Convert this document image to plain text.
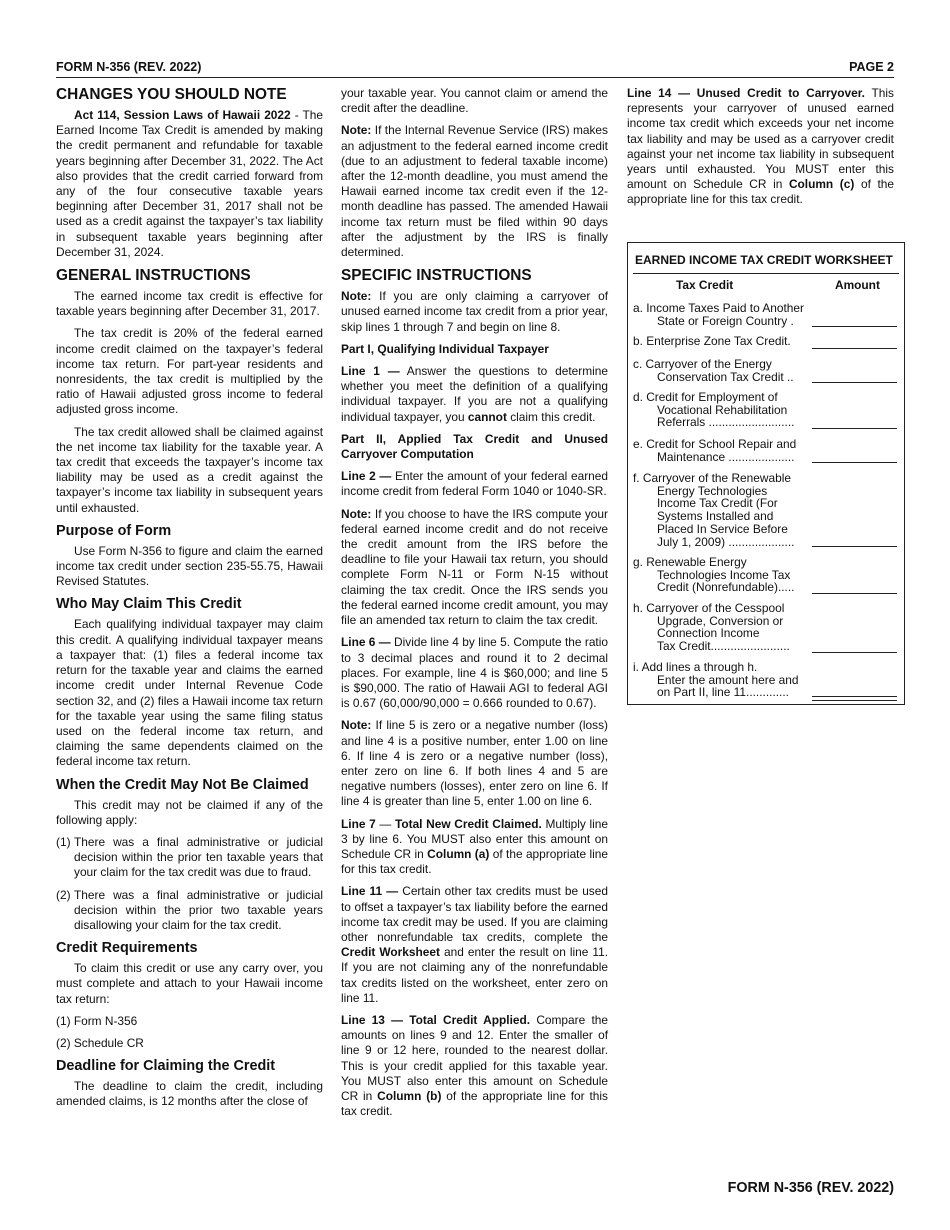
FORM N-356 (REV. 2022)	PAGE 2
CHANGES YOU SHOULD NOTE

Act 114, Session Laws of Hawaii 2022 - The Earned Income Tax Credit is amended by making the credit permanent and refundable for taxable years beginning after December 31, 2022. The Act also provides that the credit carried forward from any of the four consecutive taxable years beginning after December 31, 2017 shall not be used as a credit against the taxpayer’s tax liability in subsequent taxable years beginning after December 31, 2024.

GENERAL INSTRUCTIONS

The earned income tax credit is effective for taxable years beginning after December 31, 2017.

The tax credit is 20% of the federal earned income credit claimed on the taxpayer’s federal income tax return. For part-year residents and nonresidents, the tax credit is multiplied by the ratio of Hawaii adjusted gross income to federal adjusted gross income.

The tax credit allowed shall be claimed against the net income tax liability for the taxable year. A tax credit that exceeds the taxpayer’s income tax liability may be used as a credit against the taxpayer’s income tax liability in subsequent years until exhausted.

Purpose of Form

Use Form N-356 to figure and claim the earned income tax credit under section 235-55.75, Hawaii Revised Statutes.

Who May Claim This Credit

Each qualifying individual taxpayer may claim this credit. A qualifying individual taxpayer means a taxpayer that: (1) files a federal income tax return for the taxable year and claims the earned income credit under Internal Revenue Code section 32, and (2) files a Hawaii income tax return for the taxable year using the same filing status used on the federal income tax return, and claiming the same dependents claimed on the federal income tax return.

When the Credit May Not Be Claimed

This credit may not be claimed if any of the following apply:

(1) There was a final administrative or judicial decision within the prior ten taxable years that your claim for the tax credit was due to fraud.
(2) There was a final administrative or judicial decision within the prior two taxable years disallowing your claim for the tax credit.
Credit Requirements

To claim this credit or use any carry over, you must complete and attach to your Hawaii income tax return:

(1) Form N-356
(2) Schedule CR
Deadline for Claiming the Credit

The deadline to claim the credit, including amended claims, is 12 months after the close of

your taxable year. You cannot claim or amend the credit after the deadline.

Note: If the Internal Revenue Service (IRS) makes an adjustment to the federal earned income credit (due to an adjustment to federal taxable income) after the 12-month deadline, you must amend the Hawaii earned income tax credit even if the 12-month deadline has passed. The amended Hawaii income tax return must be filed within 90 days after the adjustment by the IRS is finally determined.

SPECIFIC INSTRUCTIONS

Note: If you are only claiming a carryover of unused earned income tax credit from a prior year, skip lines 1 through 7 and begin on line 8.

Part I, Qualifying Individual Taxpayer

Line 1 — Answer the questions to determine whether you meet the definition of a qualifying individual taxpayer. If you are not a qualifying individual taxpayer, you cannot claim this credit.

Part II, Applied Tax Credit and Unused Carryover Computation

Line 2 — Enter the amount of your federal earned income credit from federal Form 1040 or 1040-SR.

Note: If you choose to have the IRS compute your federal earned income credit and do not receive the credit amount from the IRS before the deadline to file your Hawaii tax return, you should complete Form N-11 or Form N-15 without claiming the tax credit. Once the IRS sends you the federal earned income credit amount, you may file an amended tax return to claim the tax credit.

Line 6 — Divide line 4 by line 5. Compute the ratio to 3 decimal places and round it to 2 decimal places. For example, line 4 is $60,000; and line 5 is $90,000. The ratio of Hawaii AGI to federal AGI is 0.67 (60,000/90,000 = 0.666 rounded to 0.67).

Note: If line 5 is zero or a negative number (loss) and line 4 is a positive number, enter 1.00 on line 6. If line 4 is zero or a negative number (loss), enter zero on line 6. If both lines 4 and 5 are negative numbers (losses), enter zero on line 6. If line 4 is greater than line 5, enter 1.00 on line 6.

Line 7 — Total New Credit Claimed. Multiply line 3 by line 6. You MUST also enter this amount on Schedule CR in Column (a) of the appropriate line for this tax credit.

Line 11 — Certain other tax credits must be used to offset a taxpayer’s tax liability before the earned income tax credit may be used. If you are claiming other nonrefundable tax credits, complete the Credit Worksheet and enter the result on line 11. If you are not claiming any of the nonrefundable tax credits listed on the worksheet, enter zero on line 11.

Line 13 — Total Credit Applied. Compare the amounts on lines 9 and 12. Enter the smaller of line 9 or 12 here, rounded to the nearest dollar. This is your credit applied for this taxable year. You MUST also enter this amount on Schedule CR in Column (b) of the appropriate line for this tax credit.

Line 14 — Unused Credit to Carryover. This represents your carryover of unused earned income tax credit which exceeds your net income tax liability and may be used as a carryover credit against your net income tax liability in subsequent years until exhausted. You MUST enter this amount on Schedule CR in Column (c) of the appropriate line for this tax credit.

EARNED INCOME TAX CREDIT WORKSHEET
Tax Credit	Amount
a. Income Taxes Paid to Another
State or Foreign Country .
b. Enterprise Zone Tax Credit.
c. Carryover of the Energy
Conservation Tax Credit ..
d. Credit for Employment of
Vocational Rehabilitation
Referrals ..........................
e. Credit for School Repair and
Maintenance ....................
f. Carryover of the Renewable
Energy Technologies
Income Tax Credit (For
Systems Installed and
Placed In Service Before
July 1, 2009) ....................
g. Renewable Energy
Technologies Income Tax
Credit (Nonrefundable).....
h. Carryover of the Cesspool
Upgrade, Conversion or
Connection Income
Tax Credit........................
i. Add lines a through h.
Enter the amount here and
on Part II, line 11.............
FORM N-356 (REV. 2022)
